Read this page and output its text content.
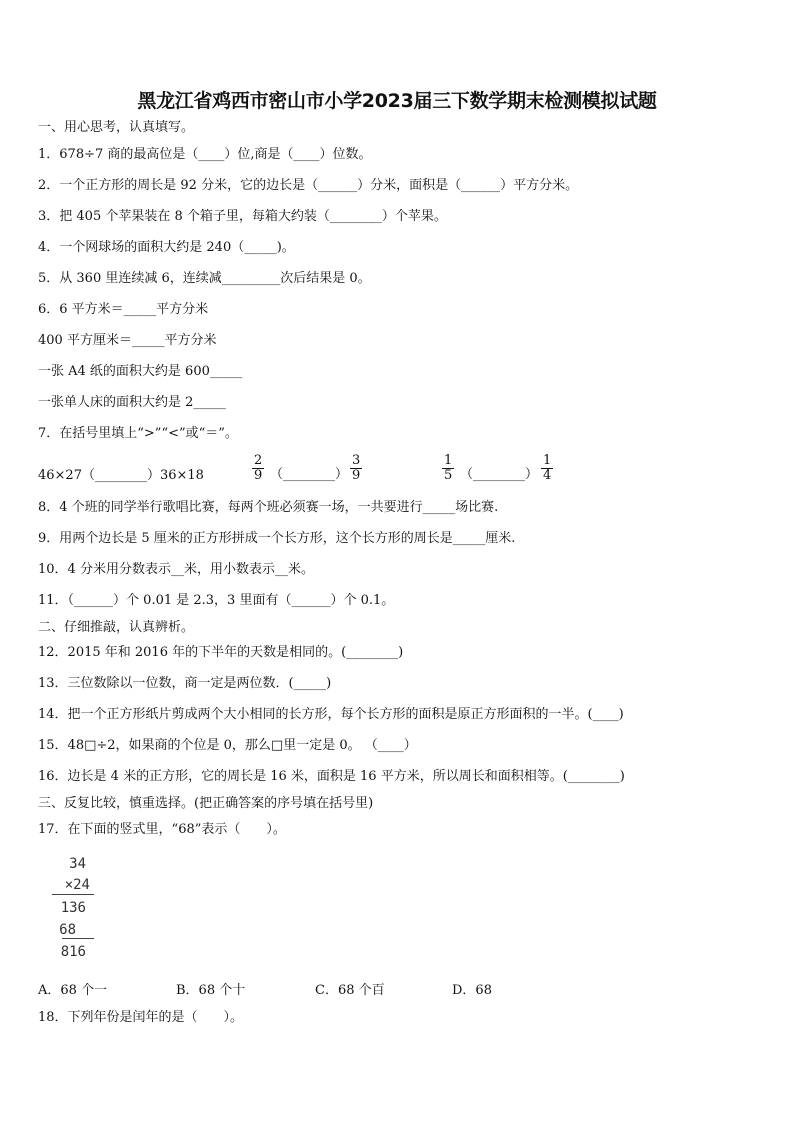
黑龙江省鸡西市密山市小学2023届三下数学期末检测模拟试题
一、用心思考，认真填写。
1．678÷7 商的最高位是（____）位,商是（____）位数。
2．一个正方形的周长是 92 分米，它的边长是（______）分米，面积是（______）平方分米。
3．把 405 个苹果装在 8 个箱子里，每箱大约装（________）个苹果。
4．一个网球场的面积大约是 240（_____)。
5．从 360 里连续减 6，连续减_________次后结果是 0。
6．6 平方米＝_____平方分米
400 平方厘米＝_____平方分米
一张 A4 纸的面积大约是 600_____
一张单人床的面积大约是 2_____
7．在括号里填上“>”“<”或“＝”。
46×27（________）36×18	$\frac{2}{9}$ （________） $\frac{3}{9}$	$\frac{1}{5}$ （________） $\frac{1}{4}$
8．4 个班的同学举行歌唱比赛，每两个班必须赛一场，一共要进行_____场比赛.
9．用两个边长是 5 厘米的正方形拼成一个长方形，这个长方形的周长是_____厘米.
10．4 分米用分数表示__米，用小数表示__米。
11．（______）个 0.01 是 2.3，3 里面有（______）个 0.1。
二、仔细推敲，认真辨析。
12．2015 年和 2016 年的下半年的天数是相同的。(________)
13．三位数除以一位数，商一定是两位数．(_____)
14．把一个正方形纸片剪成两个大小相同的长方形，每个长方形的面积是原正方形面积的一半。(____)
15．48□÷2，如果商的个位是 0，那么□里一定是 0。 （____）
16．边长是 4 米的正方形，它的周长是 16 米，面积是 16 平方米，所以周长和面积相等。(________)
三、反复比较，慎重选择。(把正确答案的序号填在括号里)
17．在下面的竖式里，“68”表示（　　）。
34
×24
136
68
816
A．68 个一	B．68 个十	C．68 个百	D．68
18．下列年份是闰年的是（　　）。
